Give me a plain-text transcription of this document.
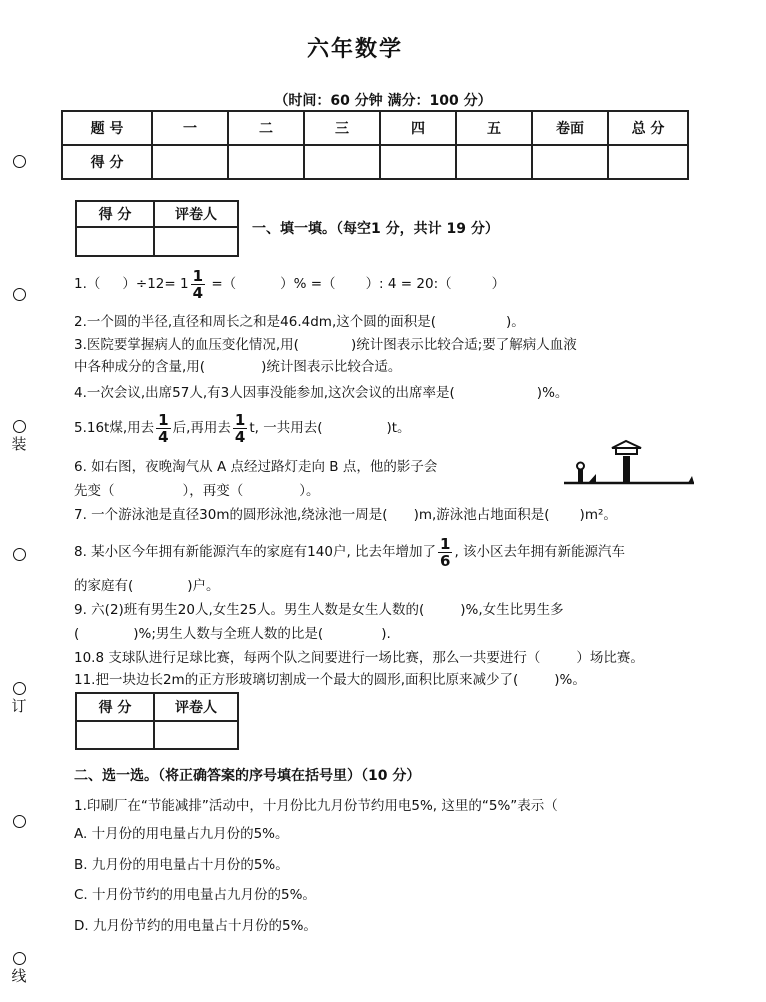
六年数学
（时间：60 分钟 满分：100 分）
题 号	一	二	三	四	五	卷面	总 分
得 分							
得 分	评卷人

一、填一填。（每空1 分，共计 19 分）
装
订
线
1.（ ）$\div 12= 1 \frac{1}{4}$ =（	）% =（ ）: 4 = 20:（	）
2.一个圆的半径,直径和周长之和是46.4dm,这个圆的面积是(	)。
3.医院要掌握病人的血压变化情况,用(	)统计图表示比较合适;要了解病人血液
中各种成分的含量,用(	)统计图表示比较合适。
4.一次会议,出席57人,有3人因事没能参加,这次会议的出席率是(	)%。
5.16t煤,用去 $\frac{1}{4}$ 后,再用去 $\frac{1}{4} t$, 一共用去(	)t。
6. 如右图，夜晚淘气从 A 点经过路灯走向 B 点，他的影子会
先变（	），再变（	）。
7. 一个游泳池是直径30m的圆形泳池,绕泳池一周是( )m,游泳池占地面积是( )m²。
8. 某小区今年拥有新能源汽车的家庭有140户, 比去年增加了 $\frac{1}{6}$ , 该小区去年拥有新能源汽车
的家庭有(	)户。
9. 六(2)班有男生20人,女生25人。男生人数是女生人数的(	)%,女生比男生多
(	)%;男生人数与全班人数的比是(	).
10.8 支球队进行足球比赛，每两个队之间要进行一场比赛，那么一共要进行（	）场比赛。
11.把一块边长2m的正方形玻璃切割成一个最大的圆形,面积比原来减少了(	)%。
得 分	评卷人

二、选一选。（将正确答案的序号填在括号里）（10 分）
1.印刷厂在“节能减排”活动中，十月份比九月份节约用电5%, 这里的“5%”表示（
A. 十月份的用电量占九月份的5%。
B. 九月份的用电量占十月份的5%。
C. 十月份节约的用电量占九月份的5%。
D. 九月份节约的用电量占十月份的5%。
